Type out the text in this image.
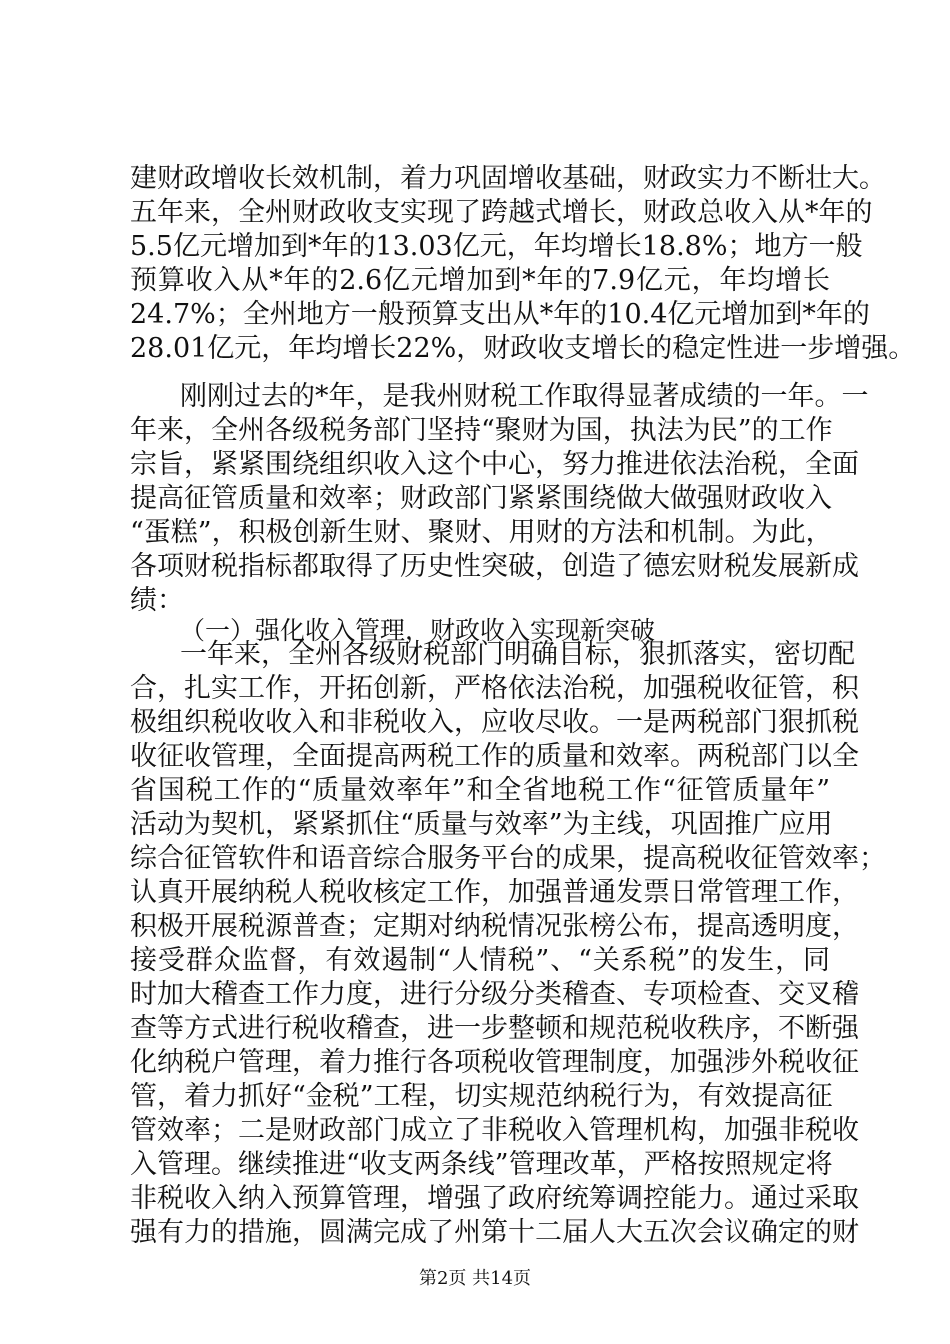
建财政增收长效机制，着力巩固增收基础，财政实力不断壮大。
五年来，全州财政收支实现了跨越式增长，财政总收入从*年的
5.5亿元增加到*年的13.03亿元，年均增长18.8%；地方一般
预算收入从*年的2.6亿元增加到*年的7.9亿元，年均增长
24.7%；全州地方一般预算支出从*年的10.4亿元增加到*年的
28.01亿元，年均增长22%，财政收支增长的稳定性进一步增强。
刚刚过去的*年，是我州财税工作取得显著成绩的一年。一
年来，全州各级税务部门坚持“聚财为国，执法为民”的工作
宗旨，紧紧围绕组织收入这个中心，努力推进依法治税，全面
提高征管质量和效率；财政部门紧紧围绕做大做强财政收入
“蛋糕”，积极创新生财、聚财、用财的方法和机制。为此，
各项财税指标都取得了历史性突破，创造了德宏财税发展新成
绩：
（一）强化收入管理，财政收入实现新突破
一年来，全州各级财税部门明确目标，狠抓落实，密切配
合，扎实工作，开拓创新，严格依法治税，加强税收征管，积
极组织税收收入和非税收入，应收尽收。一是两税部门狠抓税
收征收管理，全面提高两税工作的质量和效率。两税部门以全
省国税工作的“质量效率年”和全省地税工作“征管质量年”
活动为契机，紧紧抓住“质量与效率”为主线，巩固推广应用
综合征管软件和语音综合服务平台的成果，提高税收征管效率；
认真开展纳税人税收核定工作，加强普通发票日常管理工作，
积极开展税源普查；定期对纳税情况张榜公布，提高透明度，
接受群众监督，有效遏制“人情税”、“关系税”的发生，同
时加大稽查工作力度，进行分级分类稽查、专项检查、交叉稽
查等方式进行税收稽查，进一步整顿和规范税收秩序，不断强
化纳税户管理，着力推行各项税收管理制度，加强涉外税收征
管，着力抓好“金税”工程，切实规范纳税行为，有效提高征
管效率；二是财政部门成立了非税收入管理机构，加强非税收
入管理。继续推进“收支两条线”管理改革，严格按照规定将
非税收入纳入预算管理，增强了政府统筹调控能力。通过采取
强有力的措施，圆满完成了州第十二届人大五次会议确定的财
第2页 共14页
